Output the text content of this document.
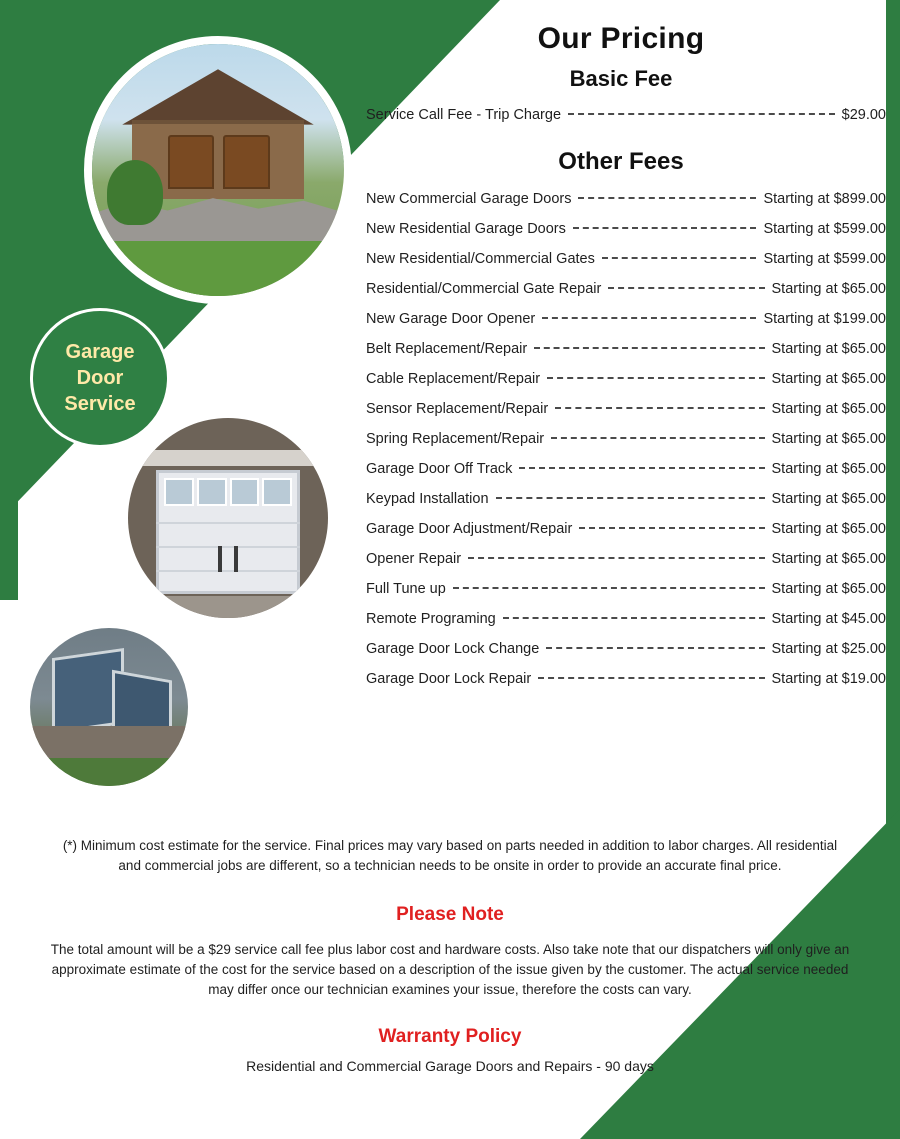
Garage
Door
Service
Our Pricing
Basic Fee
Service Call Fee - Trip Charge	$29.00
Other Fees
New Commercial Garage Doors	Starting at $899.00
New Residential Garage Doors	Starting at $599.00
New Residential/Commercial Gates	Starting at $599.00
Residential/Commercial Gate Repair	Starting at $65.00
New Garage Door Opener	Starting at $199.00
Belt Replacement/Repair	Starting at $65.00
Cable Replacement/Repair	Starting at $65.00
Sensor Replacement/Repair	Starting at $65.00
Spring Replacement/Repair	Starting at $65.00
Garage Door Off Track	Starting at $65.00
Keypad Installation	Starting at $65.00
Garage Door Adjustment/Repair	Starting at $65.00
Opener Repair	Starting at $65.00
Full Tune up	Starting at $65.00
Remote Programing	Starting at $45.00
Garage Door Lock Change	Starting at $25.00
Garage Door Lock Repair	Starting at $19.00

(*) Minimum cost estimate for the service. Final prices may vary based on parts needed in addition to labor charges. All residential and commercial jobs are different, so a technician needs to be onsite in order to provide an accurate final price.

Please Note

The total amount will be a $29 service call fee plus labor cost and hardware costs. Also take note that our dispatchers will only give an approximate estimate of the cost for the service based on a description of the issue given by the customer. The actual service needed may differ once our technician examines your issue, therefore the costs can vary.

Warranty Policy
Residential and Commercial Garage Doors and Repairs - 90 days
